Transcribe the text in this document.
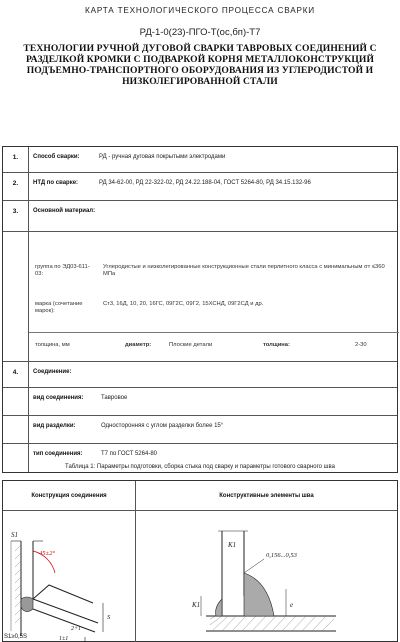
КАРТА ТЕХНОЛОГИЧЕСКОГО ПРОЦЕССА СВАРКИ
РД-1-0(23)-ПГО-Т(ос,бп)-Т7
ТЕХНОЛОГИИ РУЧНОЙ ДУГОВОЙ СВАРКИ ТАВРОВЫХ СОЕДИНЕНИЙ С РАЗДЕЛКОЙ КРОМКИ С ПОДВАРКОЙ КОРНЯ МЕТАЛЛОКОНСТРУКЦИЙ ПОДЪЕМНО-ТРАНСПОРТНОГО ОБОРУДОВАНИЯ ИЗ УГЛЕРОДИСТОЙ И НИЗКОЛЕГИРОВАННОЙ СТАЛИ
1.	Способ сварки:	РД - ручная дуговая покрытыми электродами
2.	НТД по сварке:	РД 34-62-00, РД 22-322-02, РД 24.22.188-04, ГОСТ 5264-80, РД 34.15.132-96
3.	Основной материал:
группа по ЭД03-611-03:
Углеродистые и низколегированные конструкционные стали перлитного класса с минимальным σт ≤360 МПа
марка (сочетание марок):
Ст3, 16Д, 10, 20, 16ГС, 09Г2С, 09Г2, 15ХСНД, 09Г2СД и др.
толщина, мм	диаметр:	Плоские детали	толщина:	2-30
4.	Соединение:
вид соединения:	Тавровое
вид разделки:	Односторонняя с углом разделки более 15°
тип соединения:	Т7 по ГОСТ 5264-80
Таблица 1: Параметры подготовки, сборка стыка под сварку и параметры готового сварного шва
Конструкция соединения	Конструктивные элементы шва
S1
45±2°
S
2+1
1±1
K1
K1
e
0,156...0,53
S1≥0,5S
